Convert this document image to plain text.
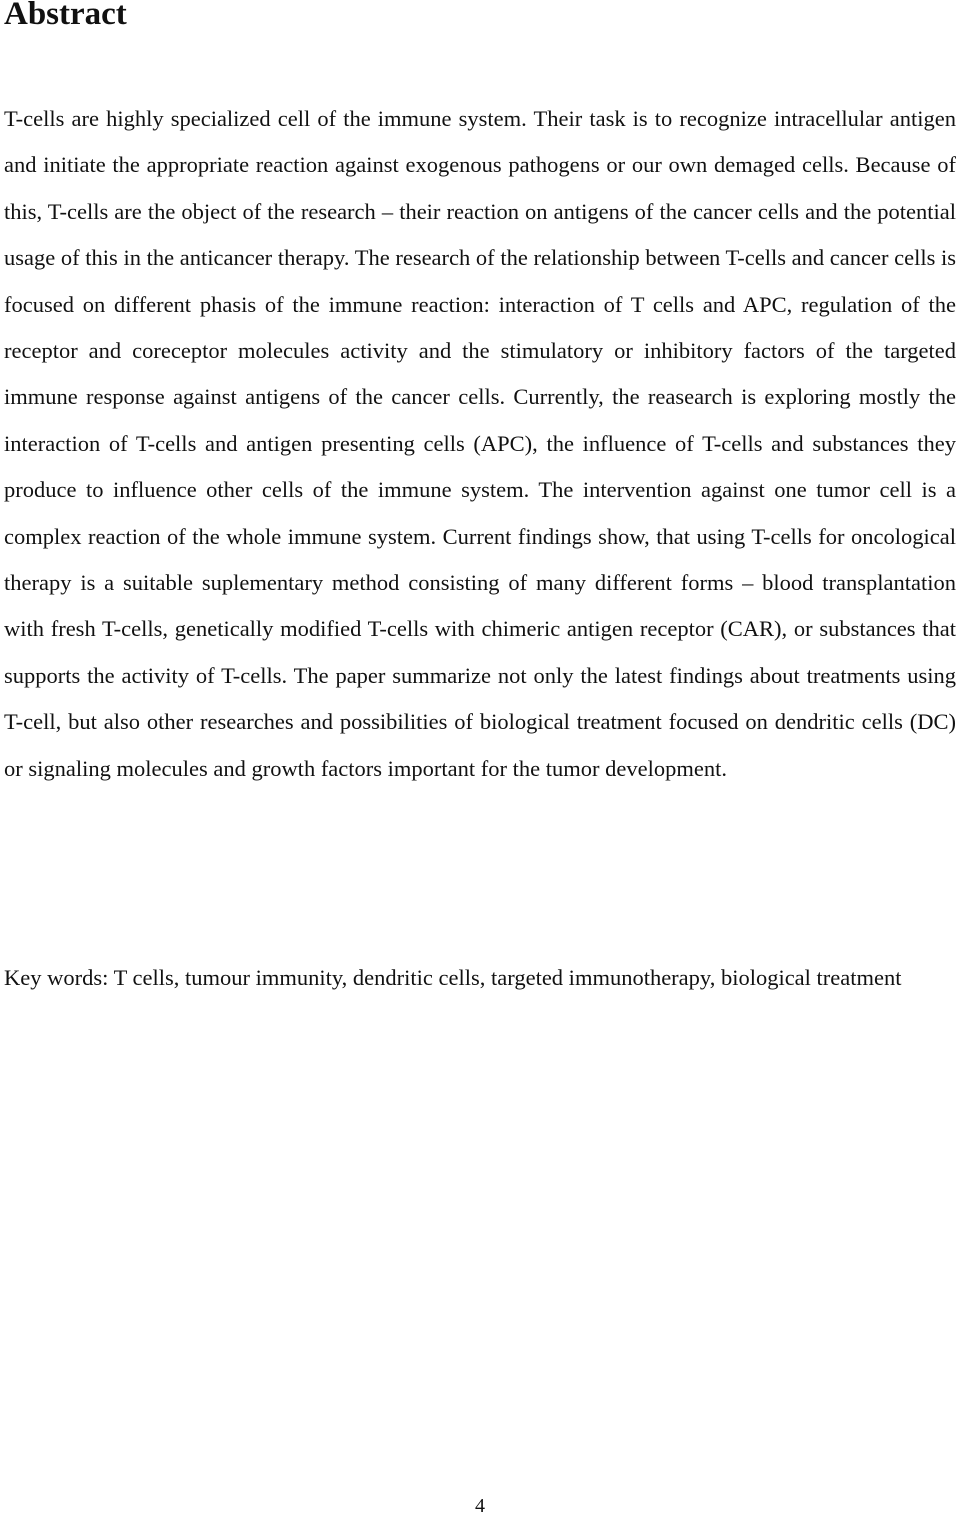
Abstract

T-cells are highly specialized cell of the immune system. Their task is to recognize intracellular antigen and initiate the appropriate reaction against exogenous pathogens or our own demaged cells. Because of this, T-cells are the object of the research – their reaction on antigens of the cancer cells and the potential usage of this in the anticancer therapy. The research of the relationship between T-cells and cancer cells is focused on different phasis of the immune reaction: interaction of T cells and APC, regulation of the receptor and coreceptor molecules activity and the stimulatory or inhibitory factors of the targeted immune response against antigens of the cancer cells. Currently, the reasearch is exploring mostly the interaction of T-cells and antigen presenting cells (APC), the influence of T-cells and substances they produce to influence other cells of the immune system. The intervention against one tumor cell is a complex reaction of the whole immune system. Current findings show, that using T-cells for oncological therapy is a suitable suplementary method consisting of many different forms – blood transplantation with fresh T-cells, genetically modified T-cells with chimeric antigen receptor (CAR), or substances that supports the activity of T-cells. The paper summarize not only the latest findings about treatments using T-cell, but also other researches and possibilities of biological treatment focused on dendritic cells (DC) or signaling molecules and growth factors important for the tumor development.

Key words: T cells, tumour immunity, dendritic cells, targeted immunotherapy, biological treatment

4
